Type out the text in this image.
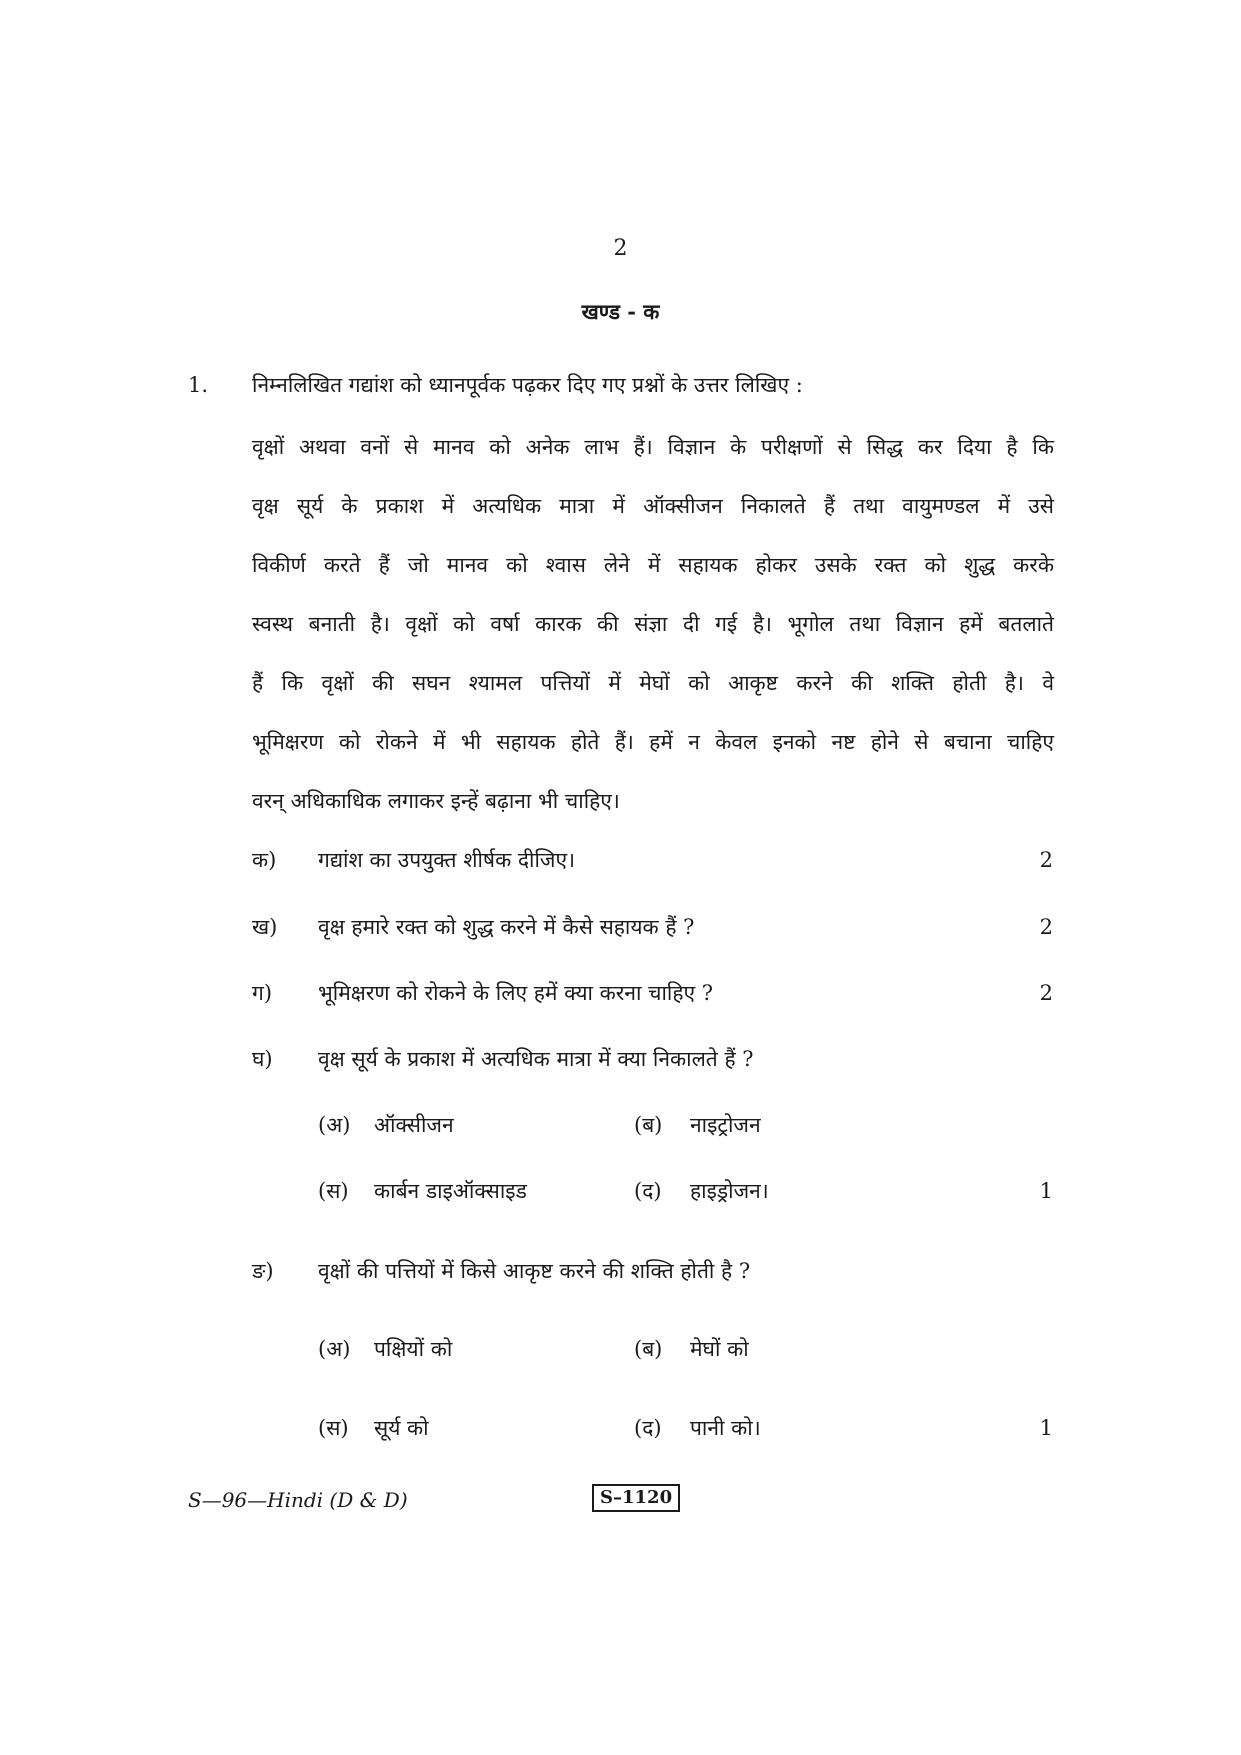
2
खण्ड - क
1. निम्नलिखित गद्यांश को ध्यानपूर्वक पढ़कर दिए गए प्रश्नों के उत्तर लिखिए :
वृक्षों अथवा वनों से मानव को अनेक लाभ हैं। विज्ञान के परीक्षणों से सिद्ध कर दिया है कि
वृक्ष सूर्य के प्रकाश में अत्यधिक मात्रा में ऑक्सीजन निकालते हैं तथा वायुमण्डल में उसे
विकीर्ण करते हैं जो मानव को श्वास लेने में सहायक होकर उसके रक्त को शुद्ध करके
स्वस्थ बनाती है। वृक्षों को वर्षा कारक की संज्ञा दी गई है। भूगोल तथा विज्ञान हमें बतलाते
हैं कि वृक्षों की सघन श्यामल पत्तियों में मेघों को आकृष्ट करने की शक्ति होती है। वे
भूमिक्षरण को रोकने में भी सहायक होते हैं। हमें न केवल इनको नष्ट होने से बचाना चाहिए
वरन् अधिकाधिक लगाकर इन्हें बढ़ाना भी चाहिए।
क) गद्यांश का उपयुक्त शीर्षक दीजिए।	2
ख) वृक्ष हमारे रक्त को शुद्ध करने में कैसे सहायक हैं ?	2
ग) भूमिक्षरण को रोकने के लिए हमें क्या करना चाहिए ?	2
घ) वृक्ष सूर्य के प्रकाश में अत्यधिक मात्रा में क्या निकालते हैं ?
(अ) ऑक्सीजन	(ब) नाइट्रोजन
(स) कार्बन डाइऑक्साइड	(द) हाइड्रोजन।	1
ङ) वृक्षों की पत्तियों में किसे आकृष्ट करने की शक्ति होती है ?
(अ) पक्षियों को	(ब) मेघों को
(स) सूर्य को	(द) पानी को।	1
S—96—Hindi (D & D)	S–1120
